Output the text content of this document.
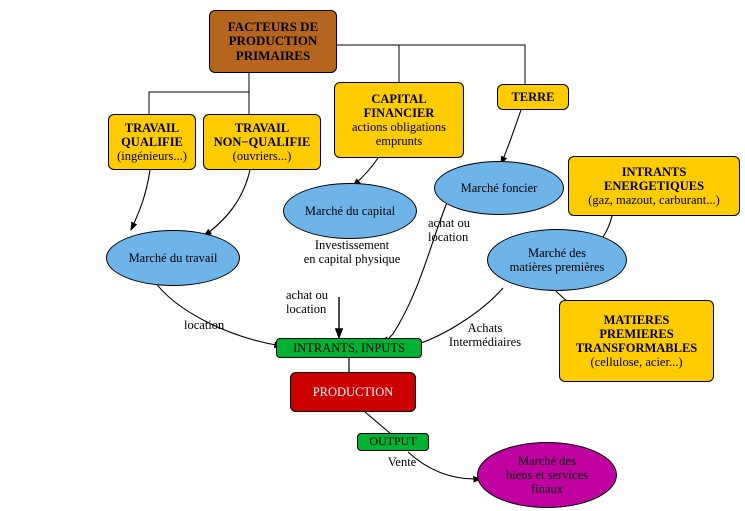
FACTEURS DE
PRODUCTION
PRIMAIRES
TRAVAIL
QUALIFIE
(ingénieurs...)
TRAVAIL
NON−QUALIFIE
(ouvriers...)
CAPITAL
FINANCIER
actions obligations
emprunts
TERRE
INTRANTS
ENERGETIQUES
(gaz, mazout, carburant...)
MATIERES
PREMIERES
TRANSFORMABLES
(cellulose, acier...)
Marché du travail
Marché du capital
Marché foncier
Marché des
matières premières
INTRANTS, INPUTS
PRODUCTION
OUTPUT
Marché des
biens et services
finaux
Investissement
en capital physique
achat ou
location
achat ou
location
location	Achats
Intermédiaires
Vente
